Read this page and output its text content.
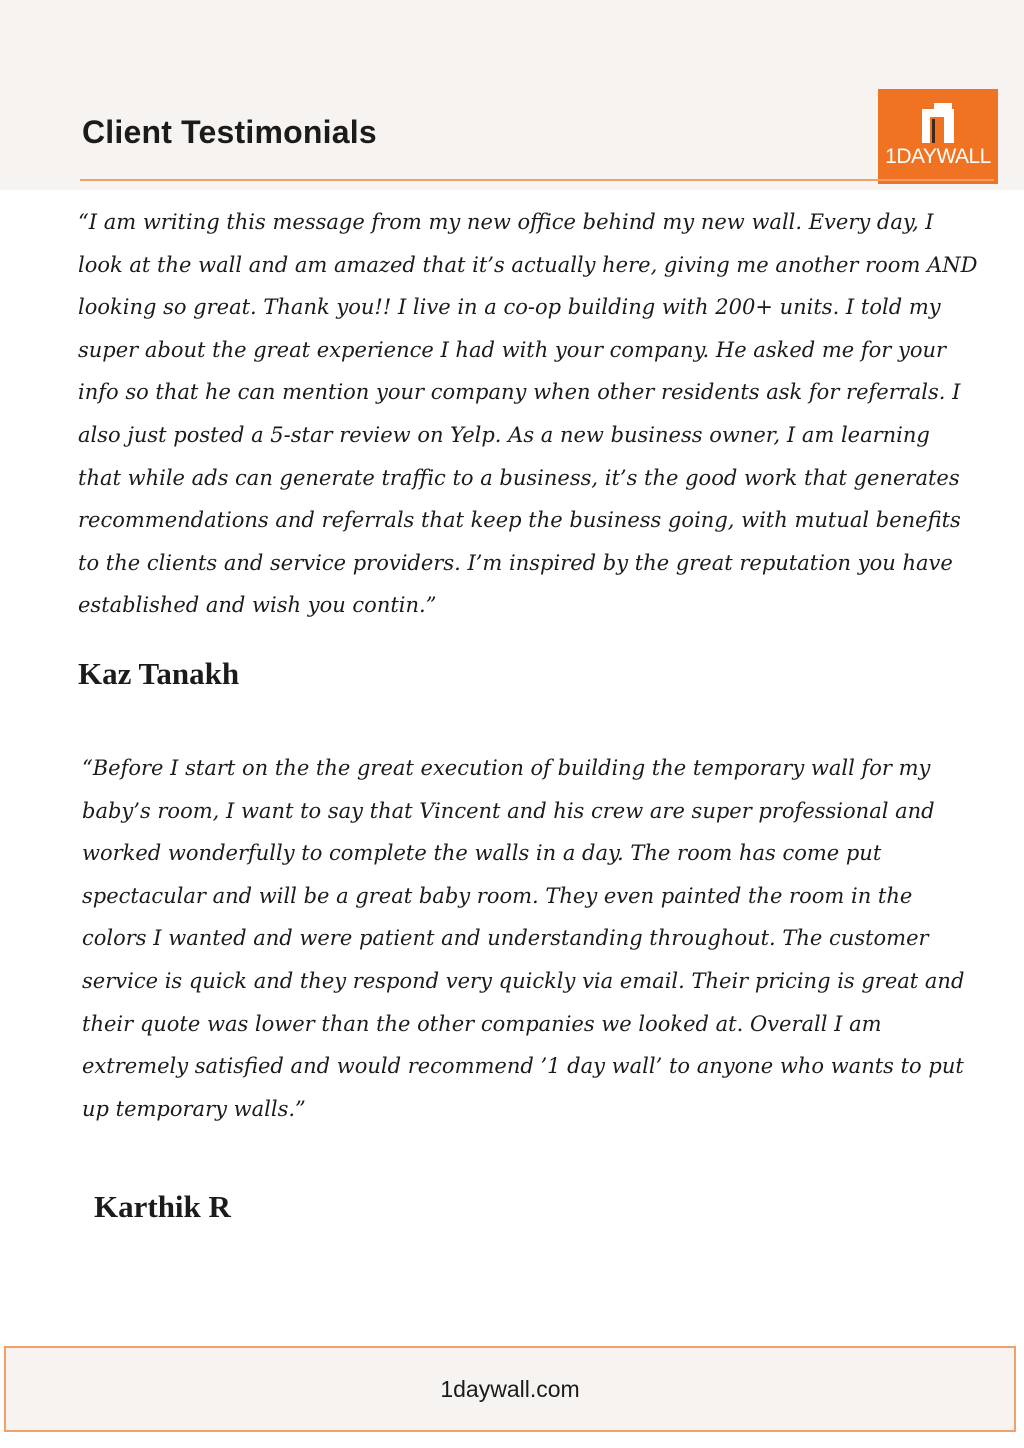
Client Testimonials
1DAYWALL

“I am writing this message from my new office behind my new wall. Every day, I look at the wall and am amazed that it’s actually here, giving me another room AND looking so great. Thank you!! I live in a co-op building with 200+ units. I told my super about the great experience I had with your company. He asked me for your info so that he can mention your company when other residents ask for referrals. I also just posted a 5-star review on Yelp. As a new business owner, I am learning that while ads can generate traffic to a business, it’s the good work that generates recommendations and referrals that keep the business going, with mutual benefits to the clients and service providers. I’m inspired by the great reputation you have established and wish you contin.”

Kaz Tanakh

“Before I start on the the great execution of building the temporary wall for my baby’s room, I want to say that Vincent and his crew are super professional and worked wonderfully to complete the walls in a day. The room has come put spectacular and will be a great baby room. They even painted the room in the colors I wanted and were patient and understanding throughout. The customer service is quick and they respond very quickly via email. Their pricing is great and their quote was lower than the other companies we looked at. Overall I am extremely satisfied and would recommend ’1 day wall’ to anyone who wants to put up temporary walls.”

Karthik R
1daywall.com
